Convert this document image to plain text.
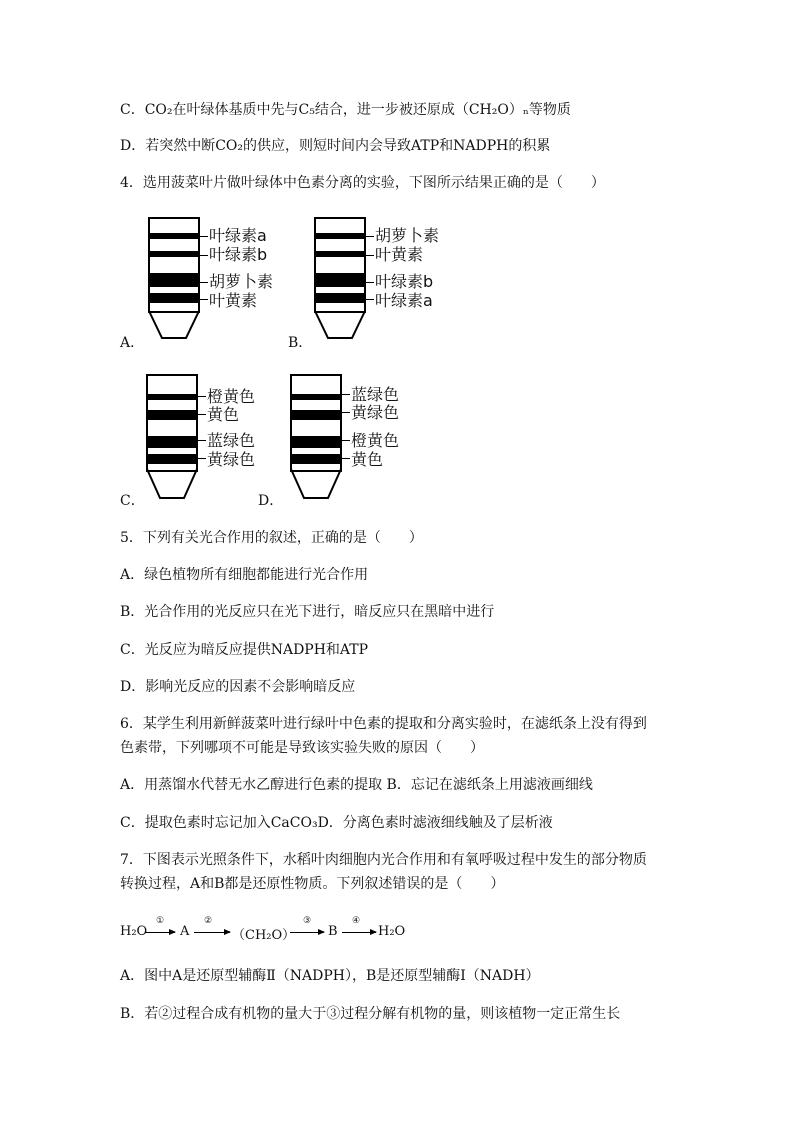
C．CO₂在叶绿体基质中先与C₅结合，进一步被还原成（CH₂O）ₙ等物质
D．若突然中断CO₂的供应，则短时间内会导致ATP和NADPH的积累
4．选用菠菜叶片做叶绿体中色素分离的实验，下图所示结果正确的是（　　）
叶绿素a
叶绿素b
胡萝卜素
叶黄素
A．
胡萝卜素
叶黄素
叶绿素b
叶绿素a
B．
橙黄色
黄色
蓝绿色
黄绿色
C．
蓝绿色
黄绿色
橙黄色
黄色
D．
5．下列有关光合作用的叙述，正确的是（　　）
A．绿色植物所有细胞都能进行光合作用
B．光合作用的光反应只在光下进行，暗反应只在黑暗中进行
C．光反应为暗反应提供NADPH和ATP
D．影响光反应的因素不会影响暗反应
6．某学生利用新鲜菠菜叶进行绿叶中色素的提取和分离实验时，在滤纸条上没有得到
色素带，下列哪项不可能是导致该实验失败的原因（　　）
A．用蒸馏水代替无水乙醇进行色素的提取 B．忘记在滤纸条上用滤液画细线
C．提取色素时忘记加入CaCO₃D．分离色素时滤液细线触及了层析液
7．下图表示光照条件下，水稻叶肉细胞内光合作用和有氧呼吸过程中发生的部分物质
转换过程，A和B都是还原性物质。下列叙述错误的是（　　）
H₂O
①
A
②
（CH₂O）
③
B
④
H₂O
A．图中A是还原型辅酶Ⅱ（NADPH），B是还原型辅酶Ⅰ（NADH）
B．若②过程合成有机物的量大于③过程分解有机物的量，则该植物一定正常生长
